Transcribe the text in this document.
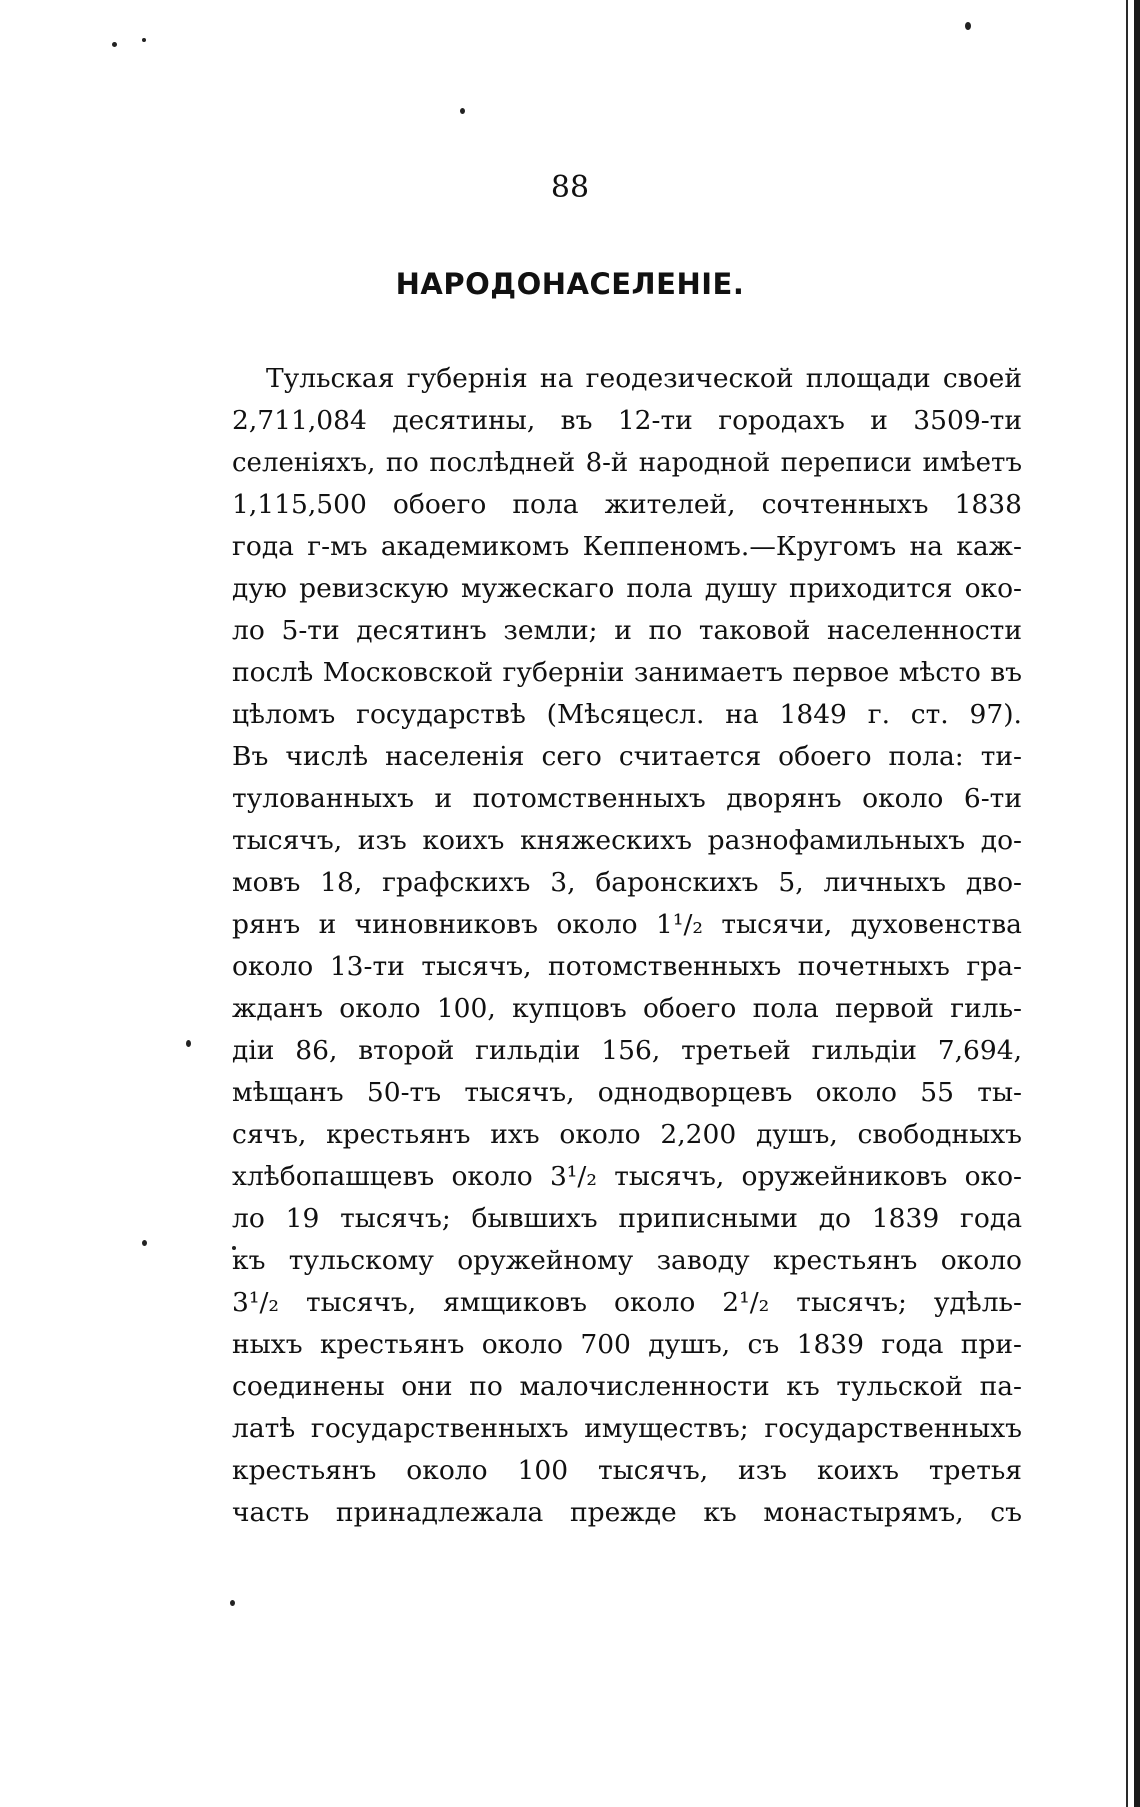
88
НАРОДОНАСЕЛЕНІЕ.
Тульская губернія на геодезической площади своей
2,711,084 десятины, въ 12-ти городахъ и 3509-ти
селеніяхъ, по послѣдней 8-й народной переписи имѣетъ
1,115,500 обоего пола жителей, сочтенныхъ 1838
года г-мъ академикомъ Кеппеномъ.—Кругомъ на каж-
дую ревизскую мужескаго пола душу приходится око-
ло 5-ти десятинъ земли; и по таковой населенности
послѣ Московской губерніи занимаетъ первое мѣсто въ
цѣломъ государствѣ (Мѣсяцесл. на 1849 г. ст. 97).
Въ числѣ населенія сего считается обоего пола: ти-
тулованныхъ и потомственныхъ дворянъ около 6-ти
тысячъ, изъ коихъ княжескихъ разнофамильныхъ до-
мовъ 18, графскихъ 3, баронскихъ 5, личныхъ дво-
рянъ и чиновниковъ около 1¹/₂ тысячи, духовенства
около 13-ти тысячъ, потомственныхъ почетныхъ гра-
жданъ около 100, купцовъ обоего пола первой гиль-
діи 86, второй гильдіи 156, третьей гильдіи 7,694,
мѣщанъ 50-тъ тысячъ, однодворцевъ около 55 ты-
сячъ, крестьянъ ихъ около 2,200 душъ, свободныхъ
хлѣбопашцевъ около 3¹/₂ тысячъ, оружейниковъ око-
ло 19 тысячъ; бывшихъ приписными до 1839 года
къ тульскому оружейному заводу крестьянъ около
3¹/₂ тысячъ, ямщиковъ около 2¹/₂ тысячъ; удѣль-
ныхъ крестьянъ около 700 душъ, съ 1839 года при-
соединены они по малочисленности къ тульской па-
латѣ государственныхъ имуществъ; государственныхъ
крестьянъ около 100 тысячъ, изъ коихъ третья
часть принадлежала прежде къ монастырямъ, съ
